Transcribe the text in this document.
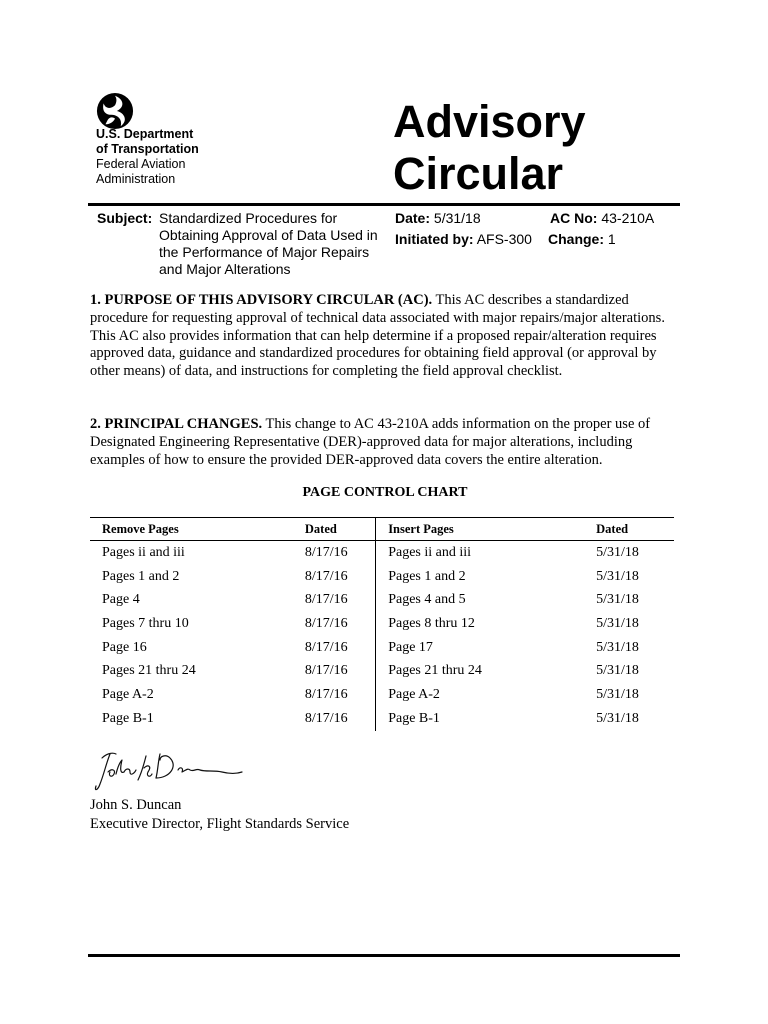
U.S. Department
of Transportation
Federal Aviation
Administration
Advisory
Circular
Subject: Standardized Procedures for Obtaining Approval of Data Used in the Performance of Major Repairs and Major Alterations
Date: 5/31/18
Initiated by: AFS-300
AC No: 43-210A
Change: 1
1. PURPOSE OF THIS ADVISORY CIRCULAR (AC). This AC describes a standardized procedure for requesting approval of technical data associated with major repairs/major alterations. This AC also provides information that can help determine if a proposed repair/alteration requires approved data, guidance and standardized procedures for obtaining field approval (or approval by other means) of data, and instructions for completing the field approval checklist.
2. PRINCIPAL CHANGES. This change to AC 43-210A adds information on the proper use of Designated Engineering Representative (DER)-approved data for major alterations, including examples of how to ensure the provided DER-approved data covers the entire alteration.
PAGE CONTROL CHART
Remove Pages	Dated	Insert Pages	Dated
Pages ii and iii	8/17/16	Pages ii and iii	5/31/18
Pages 1 and 2	8/17/16	Pages 1 and 2	5/31/18
Page 4	8/17/16	Pages 4 and 5	5/31/18
Pages 7 thru 10	8/17/16	Pages 8 thru 12	5/31/18
Page 16	8/17/16	Page 17	5/31/18
Pages 21 thru 24	8/17/16	Pages 21 thru 24	5/31/18
Page A-2	8/17/16	Page A-2	5/31/18
Page B-1	8/17/16	Page B-1	5/31/18
John S. Duncan
Executive Director, Flight Standards Service
